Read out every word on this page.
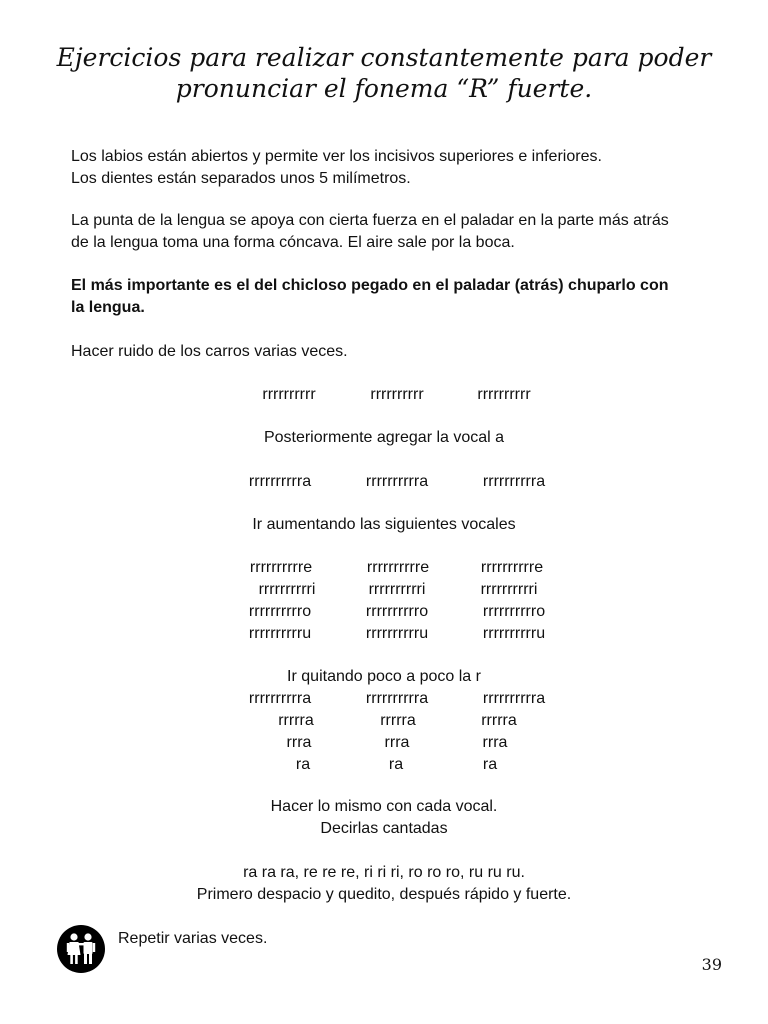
Ejercicios para realizar constantemente para poder
pronunciar el fonema “R” fuerte.

Los labios están abiertos y permite ver los incisivos superiores e inferiores.
Los dientes están separados unos 5 milímetros.

La punta de la lengua se apoya con cierta fuerza en el paladar en la parte más atrás
de la lengua toma una forma cóncava. El aire sale por la boca.

El más importante es el del chicloso pegado en el paladar (atrás) chuparlo con
la lengua.

Hacer ruido de los carros varias veces.

rrrrrrrrrr	rrrrrrrrrr	rrrrrrrrrr

Posteriormente agregar la vocal a

rrrrrrrrrra	rrrrrrrrrra	rrrrrrrrrra

Ir aumentando las siguientes vocales

rrrrrrrrrre	rrrrrrrrrre	rrrrrrrrrre
rrrrrrrrrri	rrrrrrrrrri	rrrrrrrrrri
rrrrrrrrrro	rrrrrrrrrro	rrrrrrrrrro
rrrrrrrrrru	rrrrrrrrrru	rrrrrrrrrru

Ir quitando poco a poco la r

rrrrrrrrrra	rrrrrrrrrra	rrrrrrrrrra
rrrrra	rrrrra	rrrrra
rrra	rrra	rrra
ra	ra	ra

Hacer lo mismo con cada vocal.

Decirlas cantadas

ra ra ra, re re re, ri ri ri, ro ro ro, ru ru ru.

Primero despacio y quedito, después rápido y fuerte.

Repetir varias veces.

39
